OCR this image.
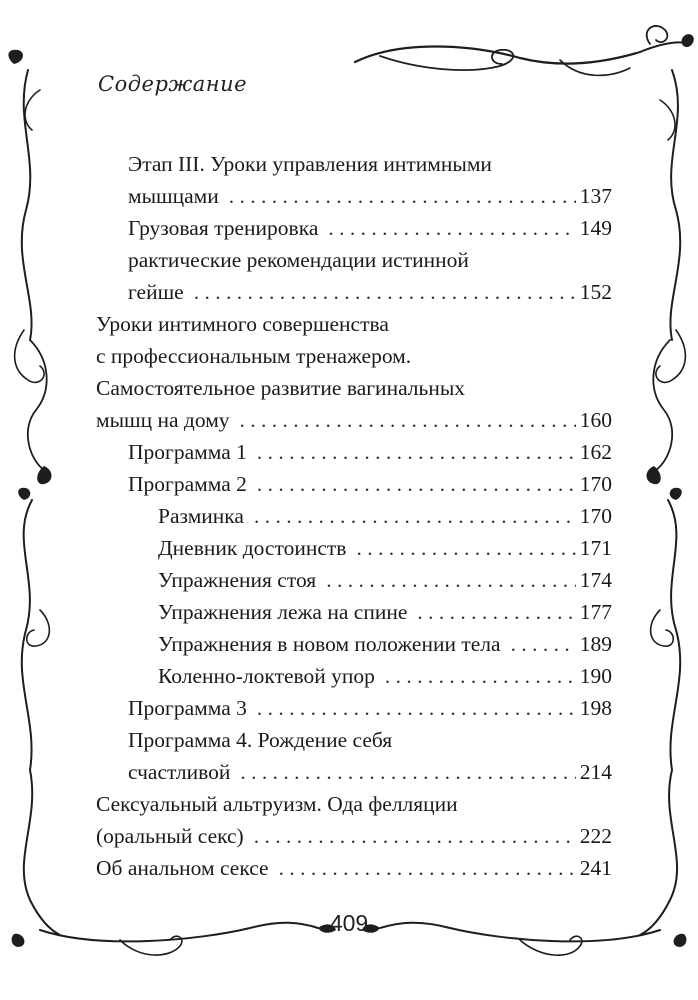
Содержание
Этап III. Уроки управления интимными
мышцами . . .	137
Грузовая тренировка . . .	149
рактические рекомендации истинной
гейше . . .	152
Уроки интимного совершенства
с профессиональным тренажером.
Самостоятельное развитие вагинальных
мышц на дому . . .	160
Программа 1 . . .	162
Программа 2 . . .	170
Разминка . . .	170
Дневник достоинств . . .	171
Упражнения стоя . . .	174
Упражнения лежа на спине . . .	177
Упражнения в новом положении тела . . .	189
Коленно-локтевой упор . . .	190
Программа 3 . . .	198
Программа 4. Рождение себя
счастливой . . .	214
Сексуальный альтруизм. Ода фелляции
(оральный секс) . . .	222
Об анальном сексе . . .	241
409
